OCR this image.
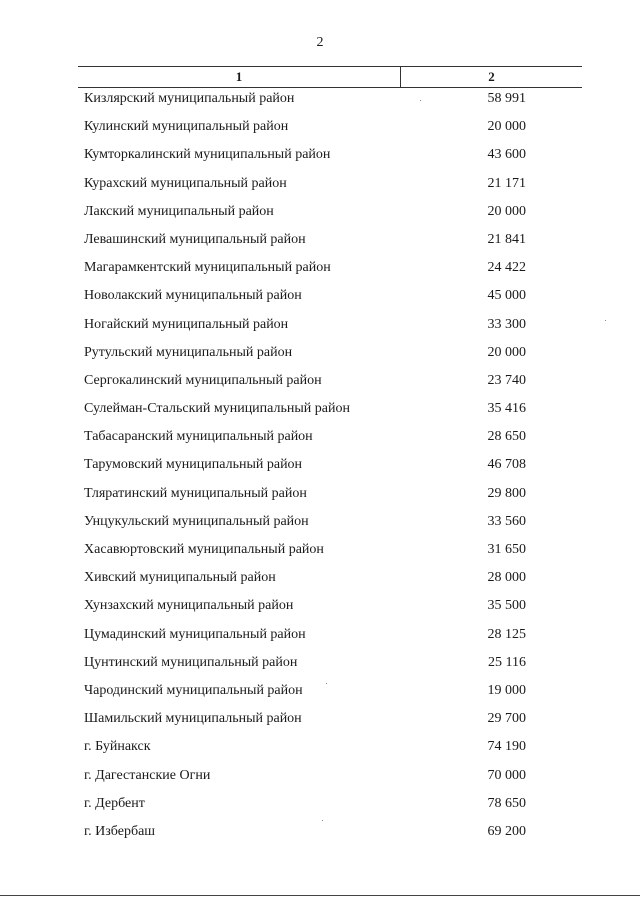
2
1	2
Кизлярский муниципальный район	58 991
Кулинский муниципальный район	20 000
Кумторкалинский муниципальный район	43 600
Курахский муниципальный район	21 171
Лакский муниципальный район	20 000
Левашинский муниципальный район	21 841
Магарамкентский муниципальный район	24 422
Новолакский муниципальный район	45 000
Ногайский муниципальный район	33 300
Рутульский муниципальный район	20 000
Сергокалинский муниципальный район	23 740
Сулейман-Стальский муниципальный район	35 416
Табасаранский муниципальный район	28 650
Тарумовский муниципальный район	46 708
Тляратинский муниципальный район	29 800
Унцукульский муниципальный район	33 560
Хасавюртовский муниципальный район	31 650
Хивский муниципальный район	28 000
Хунзахский муниципальный район	35 500
Цумадинский муниципальный район	28 125
Цунтинский муниципальный район	25 116
Чародинский муниципальный район	19 000
Шамильский муниципальный район	29 700
г. Буйнакск	74 190
г. Дагестанские Огни	70 000
г. Дербент	78 650
г. Избербаш	69 200
